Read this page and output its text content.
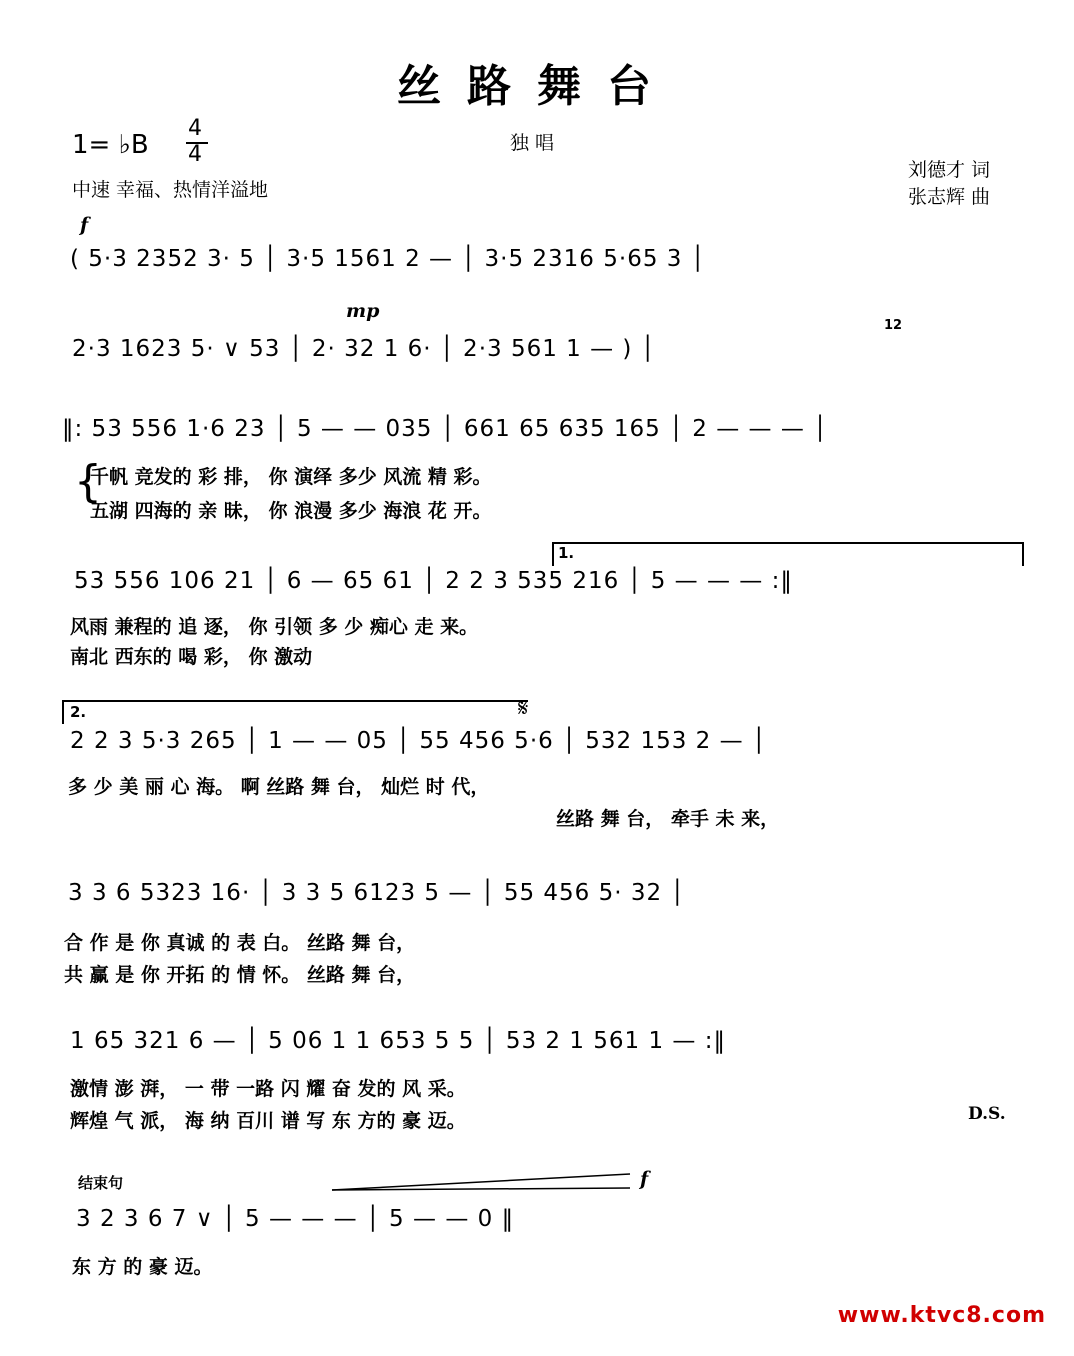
丝路舞台
1= ♭B
4
4	独 唱
中速 幸福、热情洋溢地
刘德才 词
张志辉 曲
f
( 5·3 2352 3· 5 │ 3·5 1561 2 — │ 3·5 2316 5·65 3 │
mp
12
2·3 1623 5· ∨ 53 │ 2· 32 1 6· │ 2·3 561 1 — ) │
‖: 53 556 1·6 23 │ 5 — — 035 │ 661 65 635 165 │ 2 — — — │
{
千帆 竞发的 彩 排， 你 演绎 多少 风流 精 彩。
五湖 四海的 亲 昧， 你 浪漫 多少 海浪 花 开。
1.
53 556 106 21 │ 6 — 65 61 │ 2 2 3 535 216 │ 5 — — — :‖
风雨 兼程的 追 逐， 你 引领 多 少 痴心 走 来。
南北 西东的 喝 彩， 你 激动
2.	𝄋
2 2 3 5·3 265 │ 1 — — 05 │ 55 456 5·6 │ 532 153 2 — │
多 少 美 丽 心 海。 啊 丝路 舞 台， 灿烂 时 代，
丝路 舞 台， 牵手 未 来，
3 3 6 5323 16· │ 3 3 5 6123 5 — │ 55 456 5· 32 │
合 作 是 你 真诚 的 表 白。 丝路 舞 台，
共 赢 是 你 开拓 的 情 怀。 丝路 舞 台，
1 65 321 6 — │ 5 06 1 1 653 5 5 │ 53 2 1 561 1 — :‖
激情 澎 湃， 一 带 一路 闪 耀 奋 发的 风 采。
辉煌 气 派， 海 纳 百川 谱 写 东 方的 豪 迈。	D.S.
结束句	f
3 2 3 6 7 ∨ │ 5 — — — │ 5 — — 0 ‖
东 方 的 豪 迈。
www.ktvc8.com
